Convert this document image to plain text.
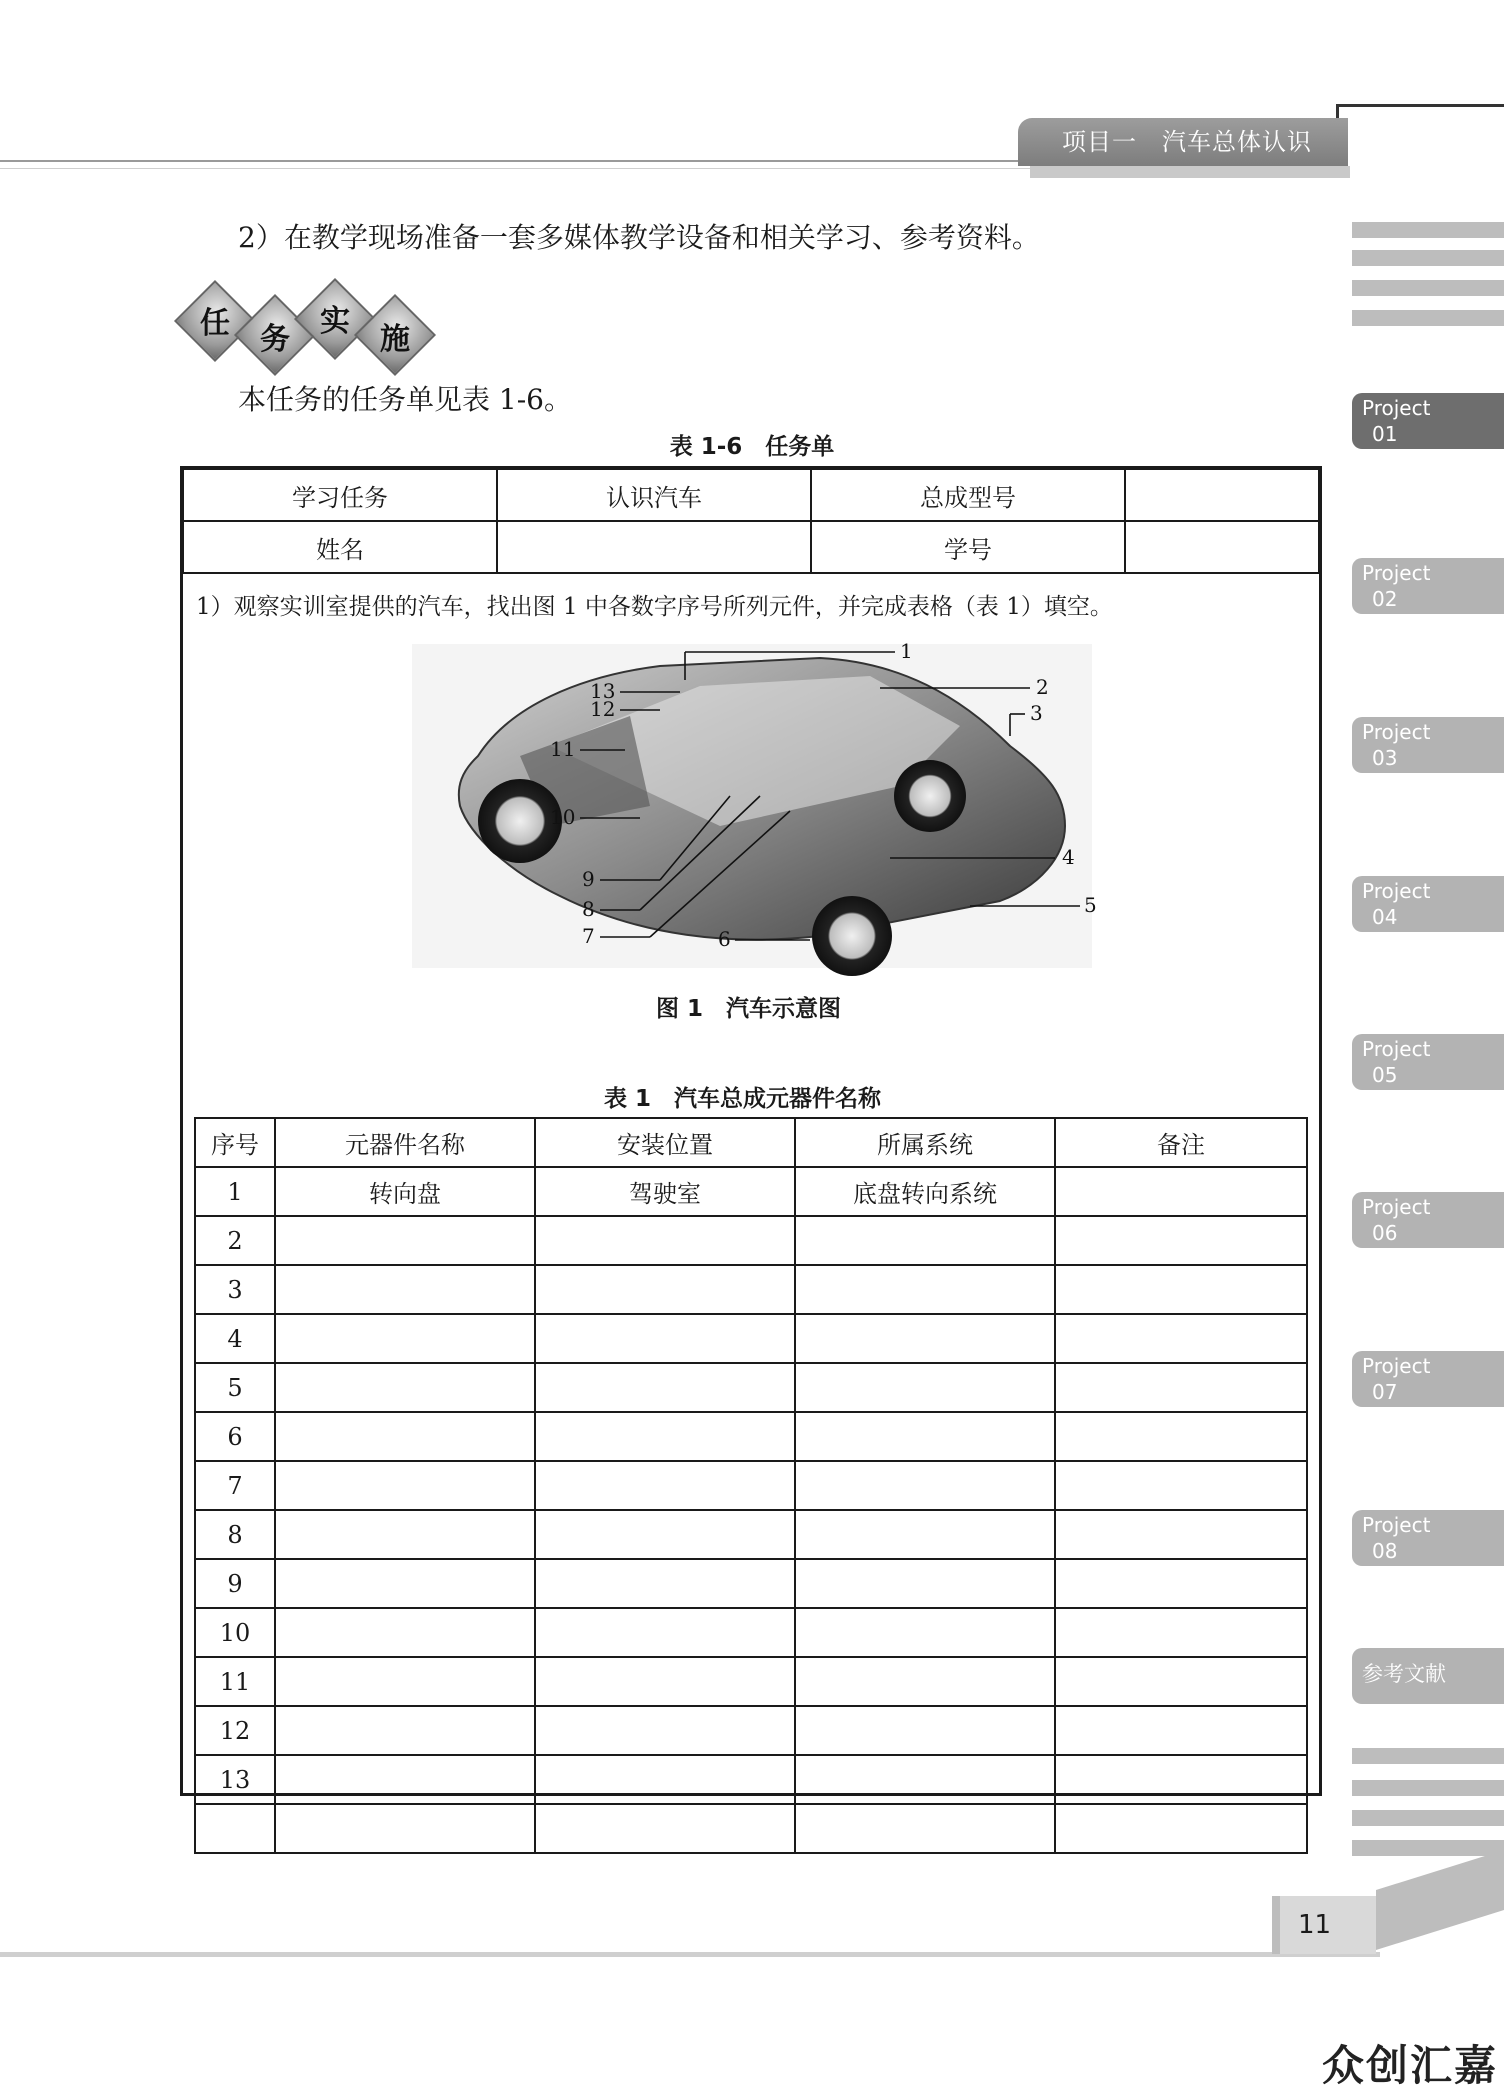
项目一　汽车总体认识
Project
01
Project
02
Project
03
Project
04
Project
05
Project
06
Project
07
Project
08
参考文献
2）在教学现场准备一套多媒体教学设备和相关学习、参考资料。
任	务
实
施
本任务的任务单见表 1-6。
表 1-6　任务单
学习任务	认识汽车	总成型号	
姓名		学号	
1）观察实训室提供的汽车，找出图 1 中各数字序号所列元件，并完成表格（表 1）填空。
1
2
3
4
5
6
7
8
9
10
11
12
13
图 1　汽车示意图
表 1　汽车总成元器件名称
序号	元器件名称	安装位置	所属系统	备注
1	转向盘	驾驶室	底盘转向系统	
2				
3				
4				
5				
6				
7				
8				
9				
10				
11				
12				
13				

11
众创汇嘉
